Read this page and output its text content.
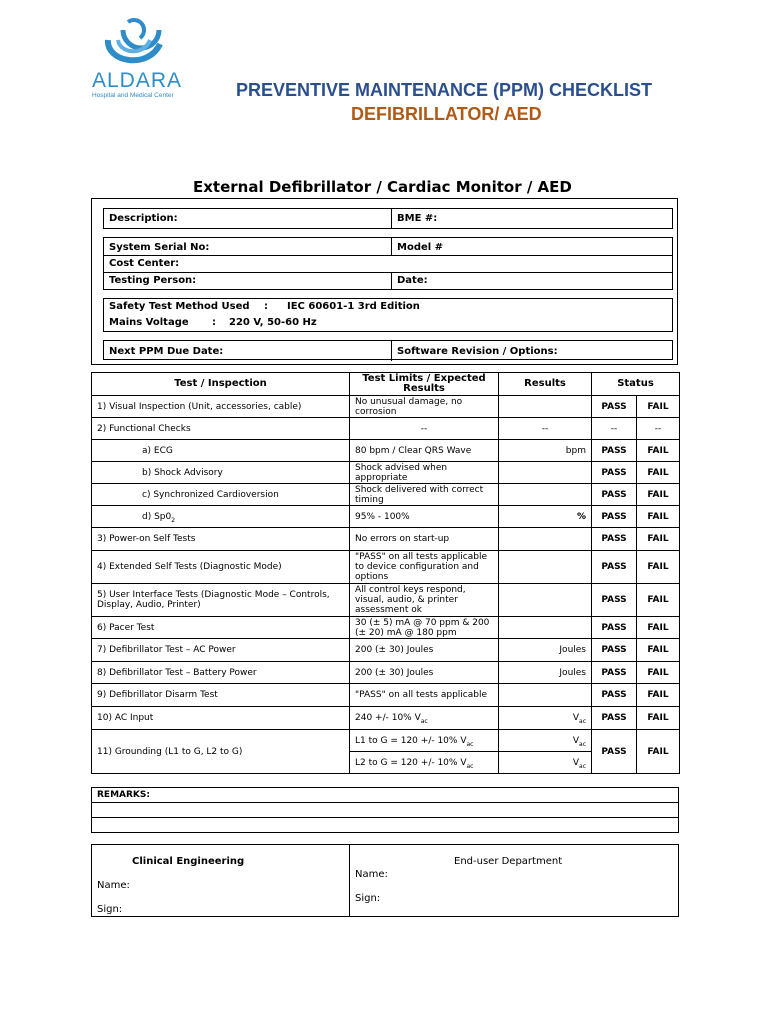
ALDARA
Hospital and Medical Center	PREVENTIVE MAINTENANCE (PPM) CHECKLIST
DEFIBRILLATOR/ AED
External Defibrillator / Cardiac Monitor / AED
Description:	BME #:
System Serial No:	Model #
Cost Center:
Testing Person:	Date:
Safety Test Method Used : IEC 60601-1 3rd Edition
Mains Voltage : 220 V, 50-60 Hz
Next PPM Due Date:	Software Revision / Options:
Test / Inspection	Test Limits / Expected Results	Results	Status	
1) Visual Inspection (Unit, accessories, cable)	No unusual damage, no corrosion		PASS	FAIL
2) Functional Checks	--	--	--	--
a) ECG	80 bpm / Clear QRS Wave	bpm	PASS	FAIL
b) Shock Advisory	Shock advised when appropriate		PASS	FAIL
c) Synchronized Cardioversion	Shock delivered with correct timing		PASS	FAIL
d) $Sp0_2$	95% - 100%	%	PASS	FAIL
3) Power-on Self Tests	No errors on start-up		PASS	FAIL
4) Extended Self Tests (Diagnostic Mode)	"PASS" on all tests applicable to device configuration and options		PASS	FAIL
5) User Interface Tests (Diagnostic Mode – Controls, Display, Audio, Printer)	All control keys respond, visual, audio, & printer assessment ok		PASS	FAIL
6) Pacer Test	30 (± 5) mA @ 70 ppm & 200 (± 20) mA @ 180 ppm		PASS	FAIL
7) Defibrillator Test – AC Power	200 (± 30) Joules	Joules	PASS	FAIL
8) Defibrillator Test – Battery Power	200 (± 30) Joules	Joules	PASS	FAIL
9) Defibrillator Disarm Test	"PASS" on all tests applicable		PASS	FAIL
10) AC Input	240 +/- 10% $V_{ac}$	$V_{ac}$	PASS	FAIL
11) Grounding (L1 to G, L2 to G)	L1 to G = 120 +/- 10% $V_{ac}$	$V_{ac}$	PASS	FAIL
	L2 to G = 120 +/- 10% $V_{ac}$	$V_{ac}$
REMARKS:

Clinical Engineering
Name:
Sign:
End-user Department
Name:
Sign:
